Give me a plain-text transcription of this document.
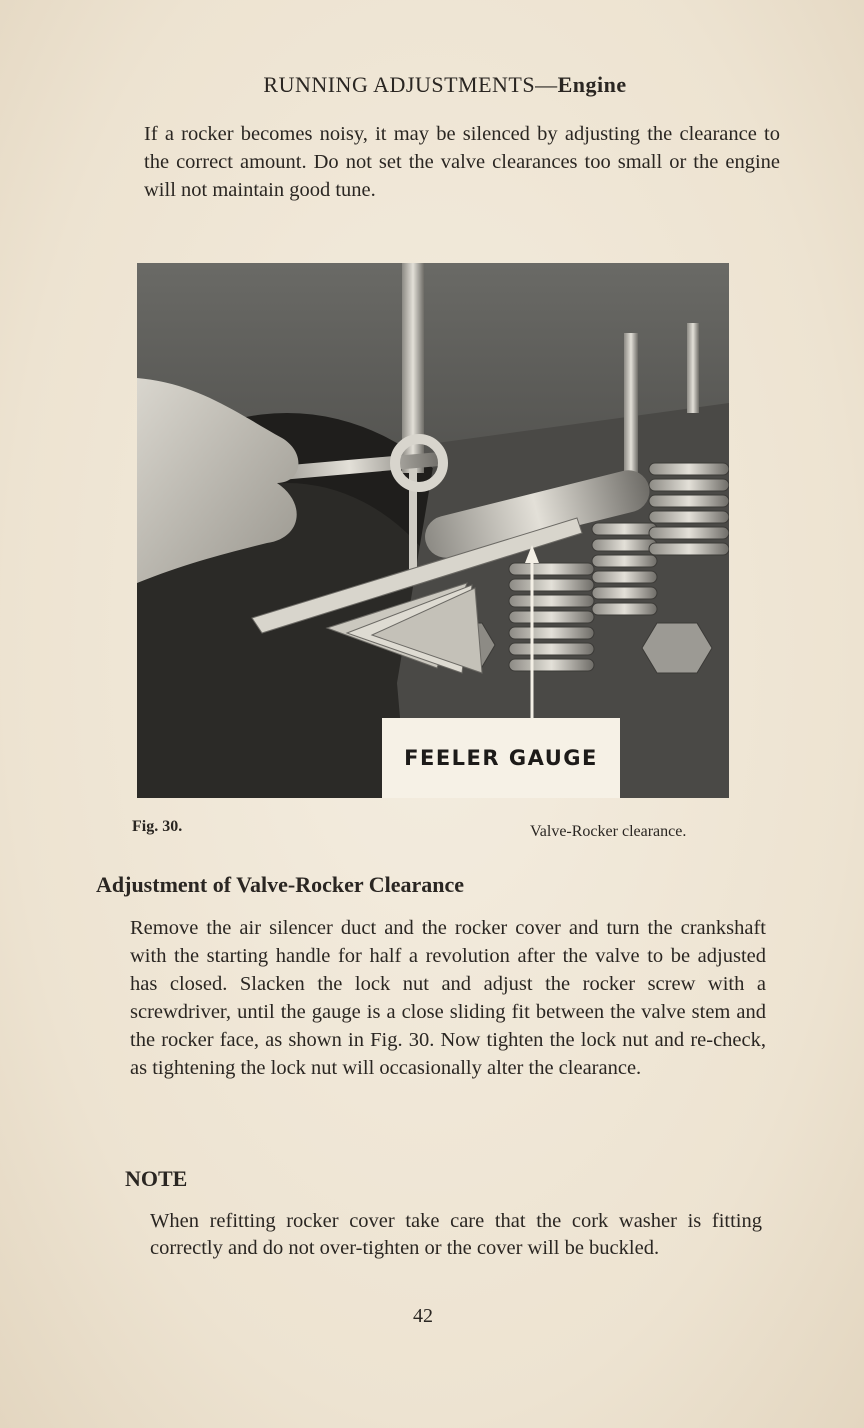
RUNNING ADJUSTMENTS—Engine

If a rocker becomes noisy, it may be silenced by adjusting the clearance to the correct amount. Do not set the valve clearances too small or the engine will not maintain good tune.

FEELER GAUGE
Fig. 30.	Valve-Rocker clearance.
Adjustment of Valve-Rocker Clearance

Remove the air silencer duct and the rocker cover and turn the crankshaft with the starting handle for half a revolution after the valve to be adjusted has closed. Slacken the lock nut and adjust the rocker screw with a screwdriver, until the gauge is a close sliding fit between the valve stem and the rocker face, as shown in Fig. 30. Now tighten the lock nut and re-check, as tightening the lock nut will occasionally alter the clearance.

NOTE

When refitting rocker cover take care that the cork washer is fitting correctly and do not over-tighten or the cover will be buckled.

42
